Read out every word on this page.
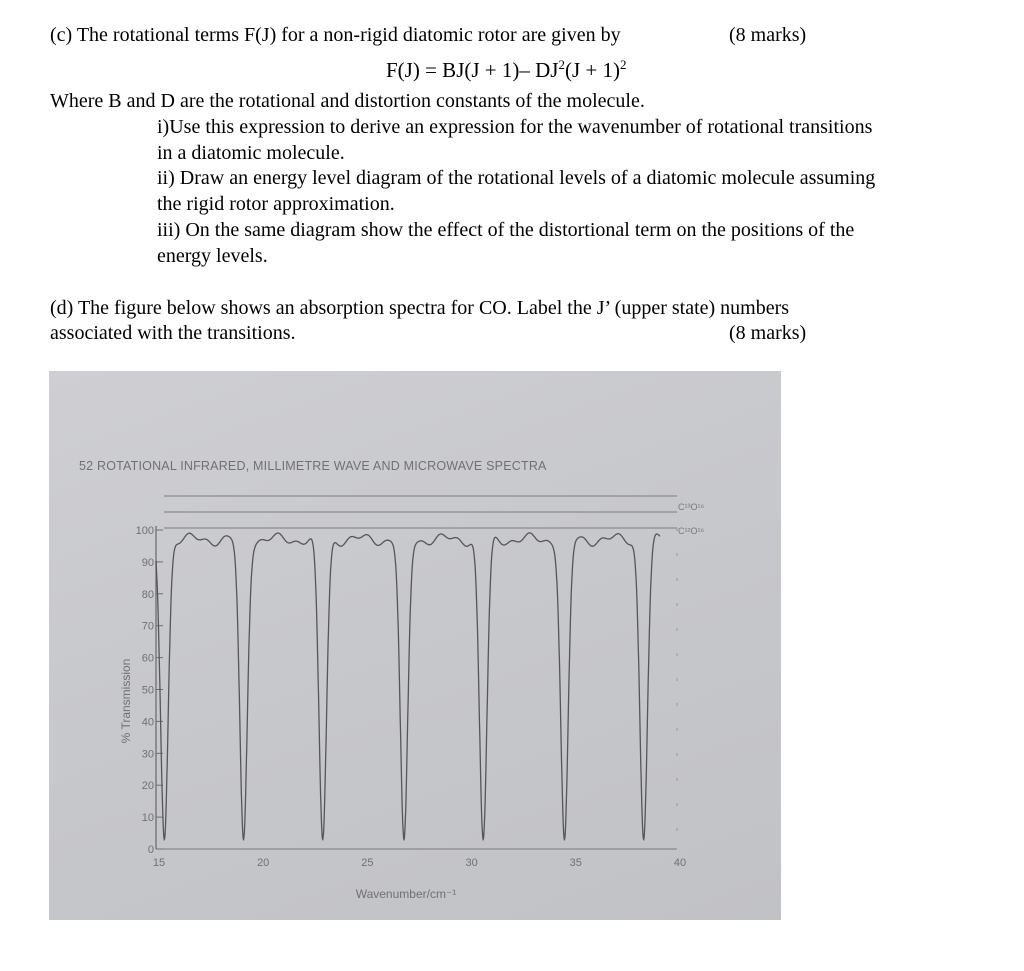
(c) The rotational terms F(J) for a non-rigid diatomic rotor are given by	(8 marks)
F(J) = BJ(J + 1)– $DJ^2(J + 1)^2$
Where B and D are the rotational and distortion constants of the molecule.
i)Use this expression to derive an expression for the wavenumber of rotational transitions
in a diatomic molecule.
ii) Draw an energy level diagram of the rotational levels of a diatomic molecule assuming
the rigid rotor approximation.
iii) On the same diagram show the effect of the distortional term on the positions of the
energy levels.
(d) The figure below shows an absorption spectra for CO. Label the J’ (upper state) numbers
associated with the transitions.	(8 marks)
52 ROTATIONAL INFRARED, MILLIMETRE WAVE AND MICROWAVE SPECTRA
C¹³O¹⁶
C¹²O¹⁶
% Transmission
100
90
80
70
60
50
40
30
20
10
0
15	20	25	30	35	40
Wavenumber/cm⁻¹
